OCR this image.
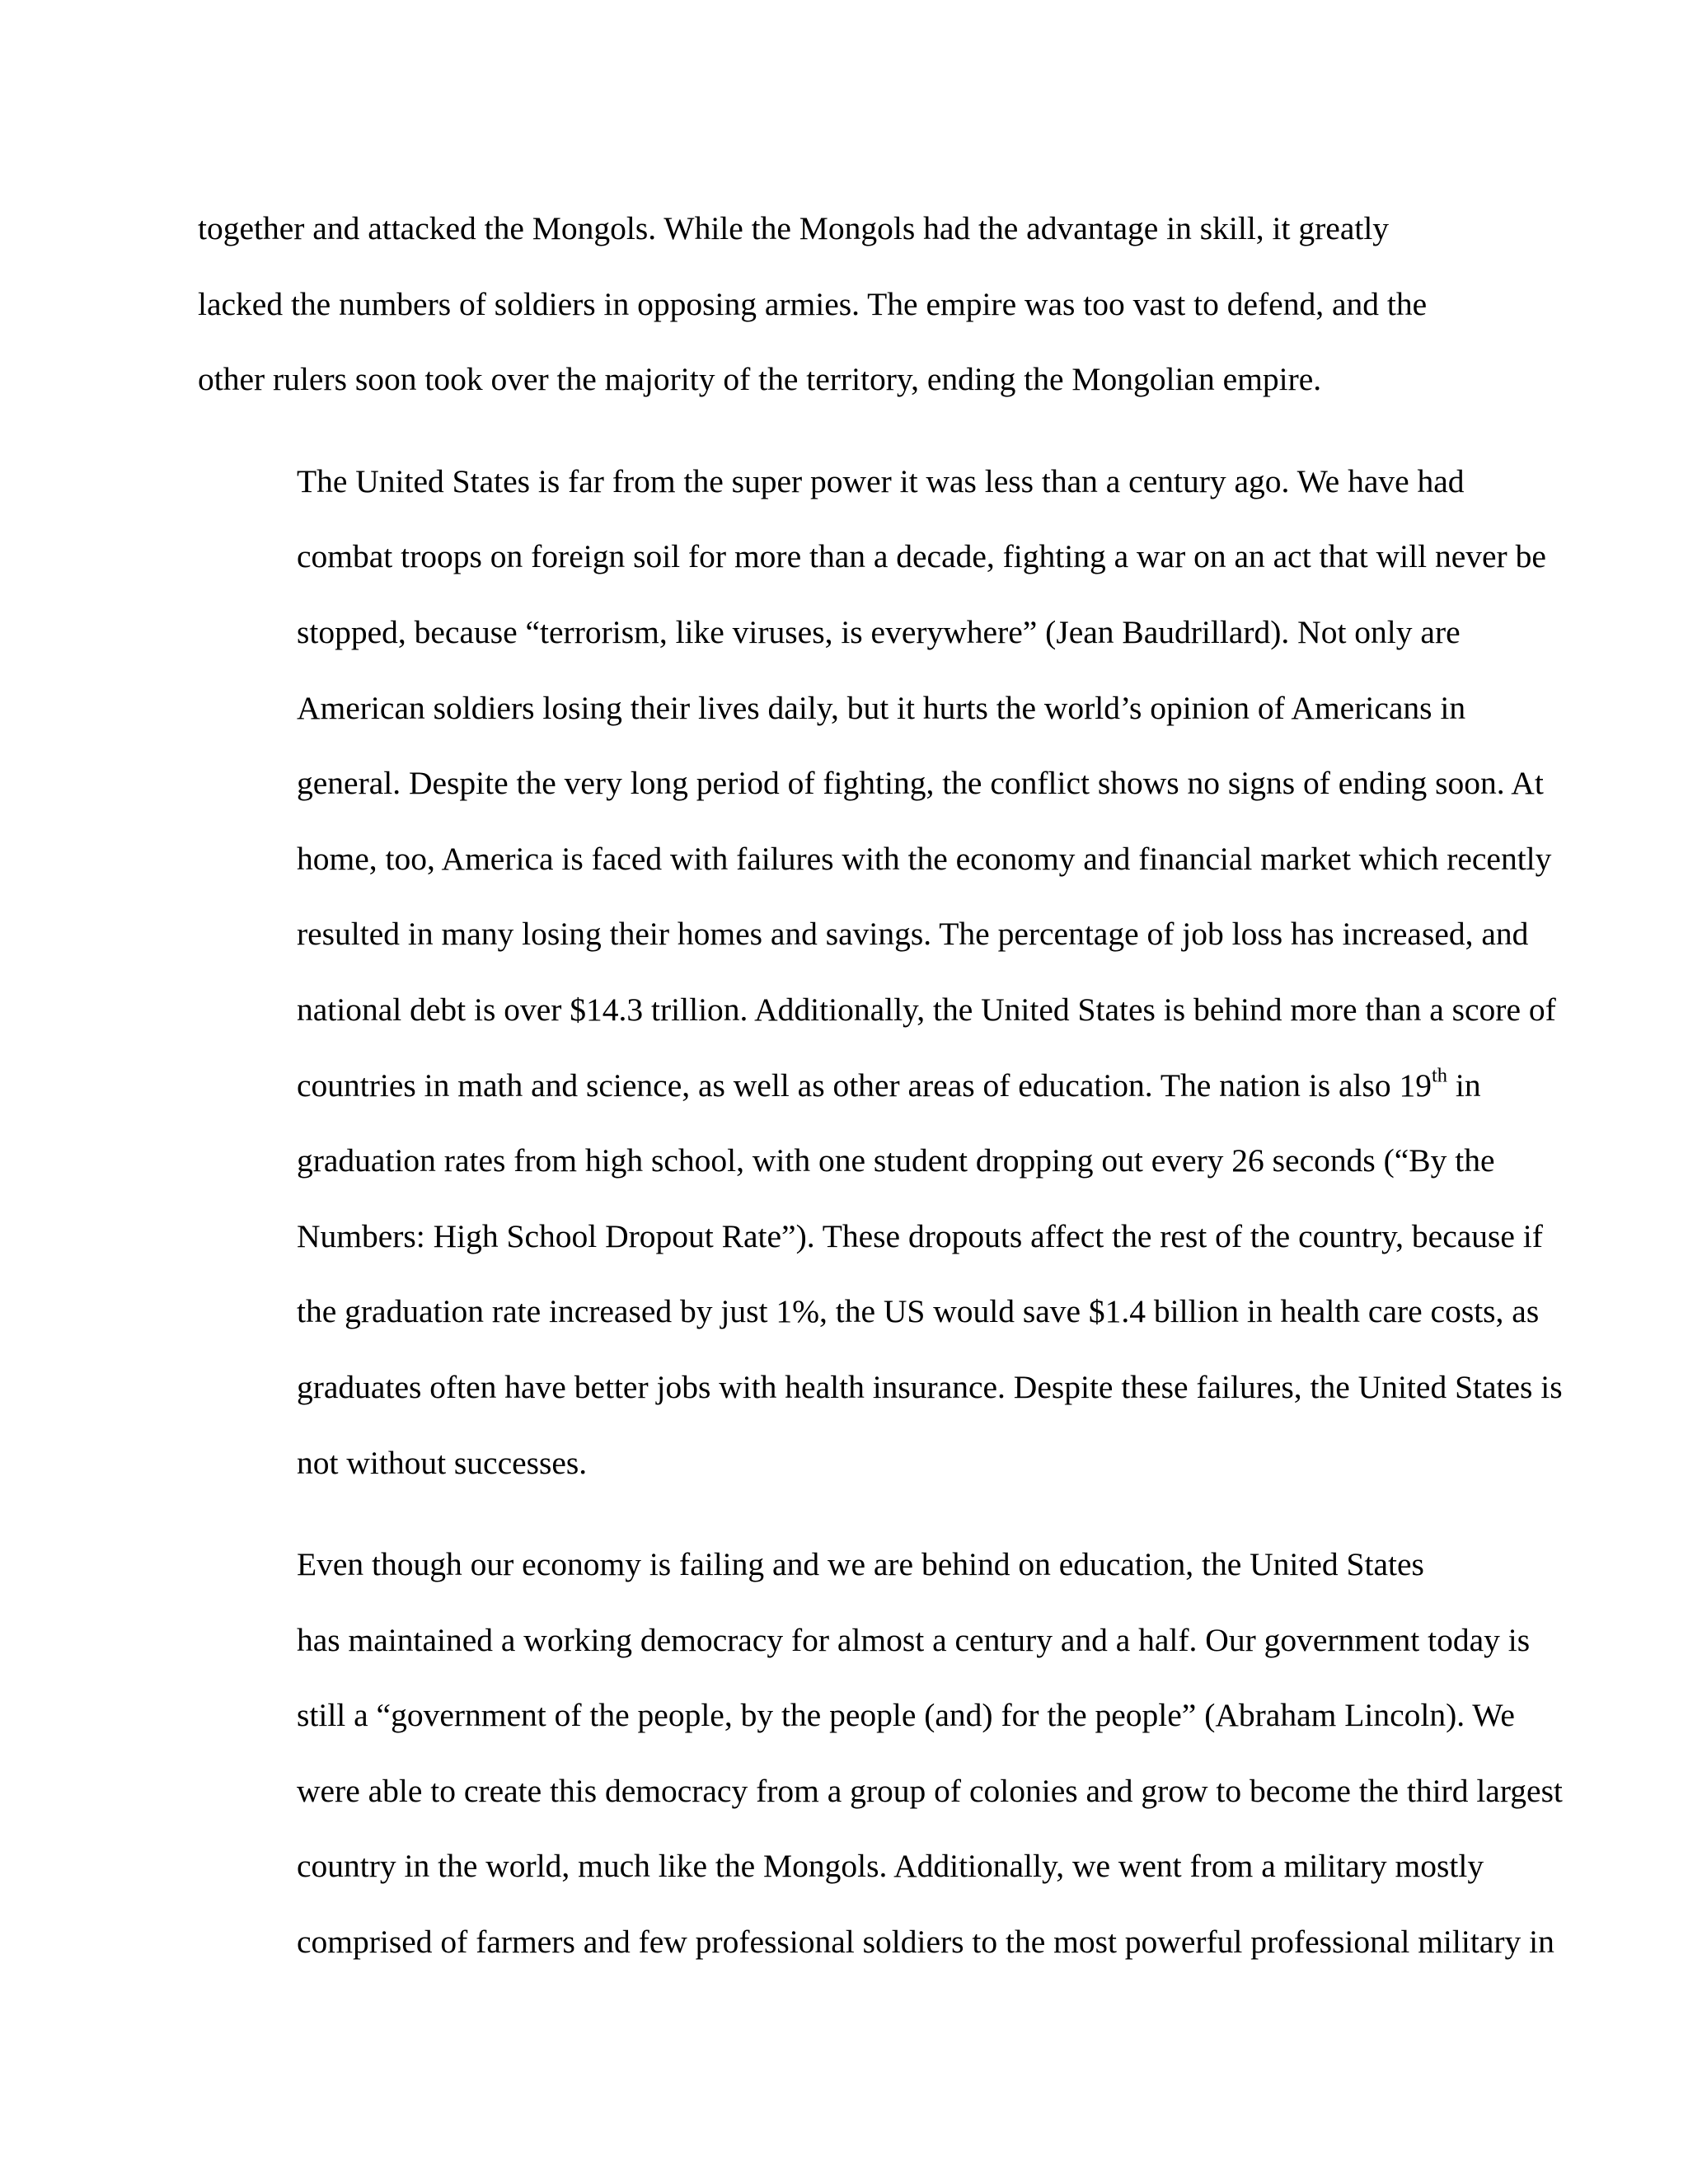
together and attacked the Mongols. While the Mongols had the advantage in skill, it greatly
lacked the numbers of soldiers in opposing armies. The empire was too vast to defend, and the
other rulers soon took over the majority of the territory, ending the Mongolian empire.

The United States is far from the super power it was less than a century ago. We have had
combat troops on foreign soil for more than a decade, fighting a war on an act that will never be
stopped, because “terrorism, like viruses, is everywhere” (Jean Baudrillard). Not only are
American soldiers losing their lives daily, but it hurts the world’s opinion of Americans in
general. Despite the very long period of fighting, the conflict shows no signs of ending soon. At
home, too, America is faced with failures with the economy and financial market which recently
resulted in many losing their homes and savings. The percentage of job loss has increased, and
national debt is over $14.3 trillion. Additionally, the United States is behind more than a score of
countries in math and science, as well as other areas of education. The nation is also 19th in
graduation rates from high school, with one student dropping out every 26 seconds (“By the
Numbers: High School Dropout Rate”). These dropouts affect the rest of the country, because if
the graduation rate increased by just 1%, the US would save $1.4 billion in health care costs, as
graduates often have better jobs with health insurance. Despite these failures, the United States is
not without successes.

Even though our economy is failing and we are behind on education, the United States
has maintained a working democracy for almost a century and a half. Our government today is
still a “government of the people, by the people (and) for the people” (Abraham Lincoln). We
were able to create this democracy from a group of colonies and grow to become the third largest
country in the world, much like the Mongols. Additionally, we went from a military mostly
comprised of farmers and few professional soldiers to the most powerful professional military in
